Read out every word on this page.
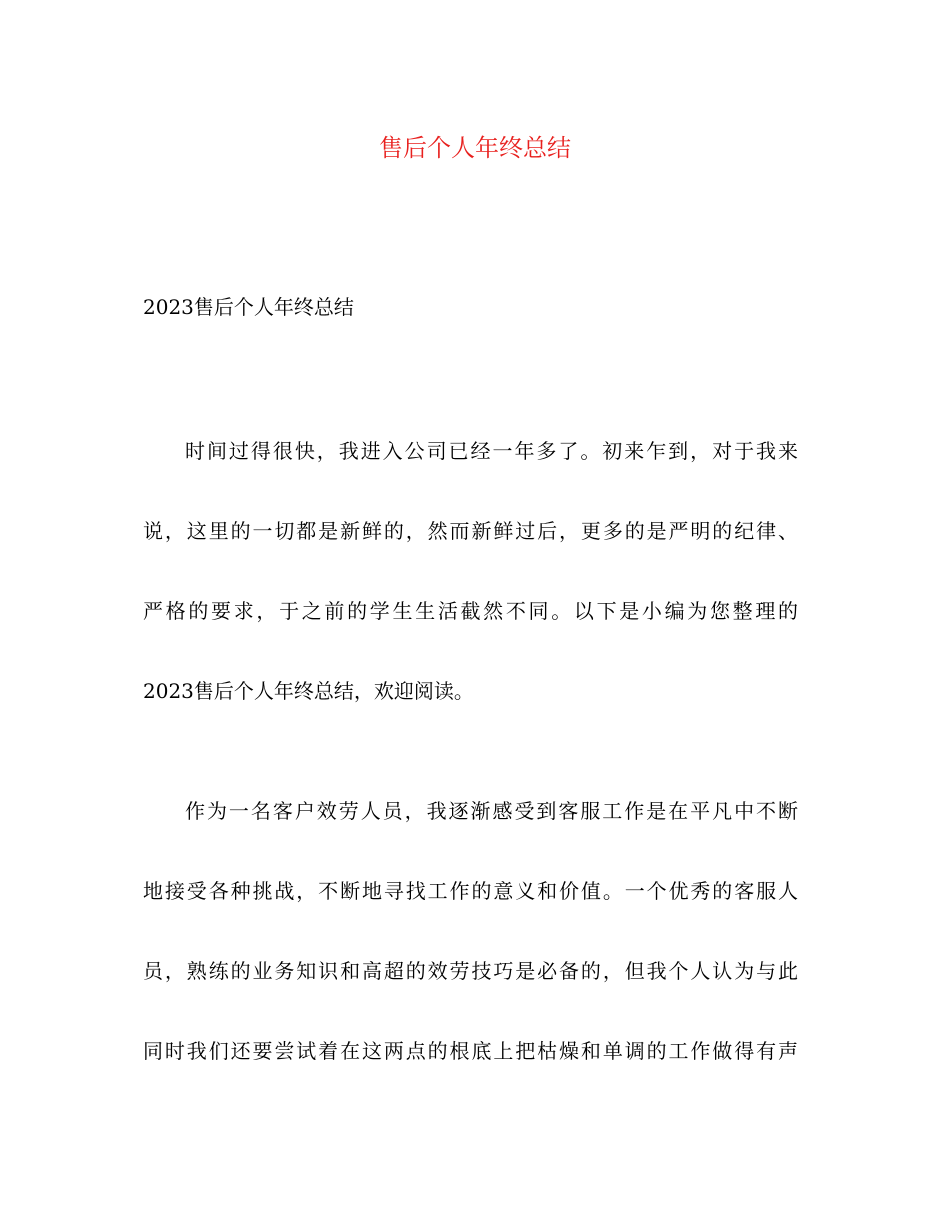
售后个人年终总结

2023售后个人年终总结

时间过得很快，我进入公司已经一年多了。初来乍到，对于我来
说，这里的一切都是新鲜的，然而新鲜过后，更多的是严明的纪律、
严格的要求，于之前的学生生活截然不同。以下是小编为您整理的
2023售后个人年终总结，欢迎阅读。
作为一名客户效劳人员，我逐渐感受到客服工作是在平凡中不断
地接受各种挑战，不断地寻找工作的意义和价值。一个优秀的客服人
员，熟练的业务知识和高超的效劳技巧是必备的，但我个人认为与此
同时我们还要尝试着在这两点的根底上把枯燥和单调的工作做得有声
